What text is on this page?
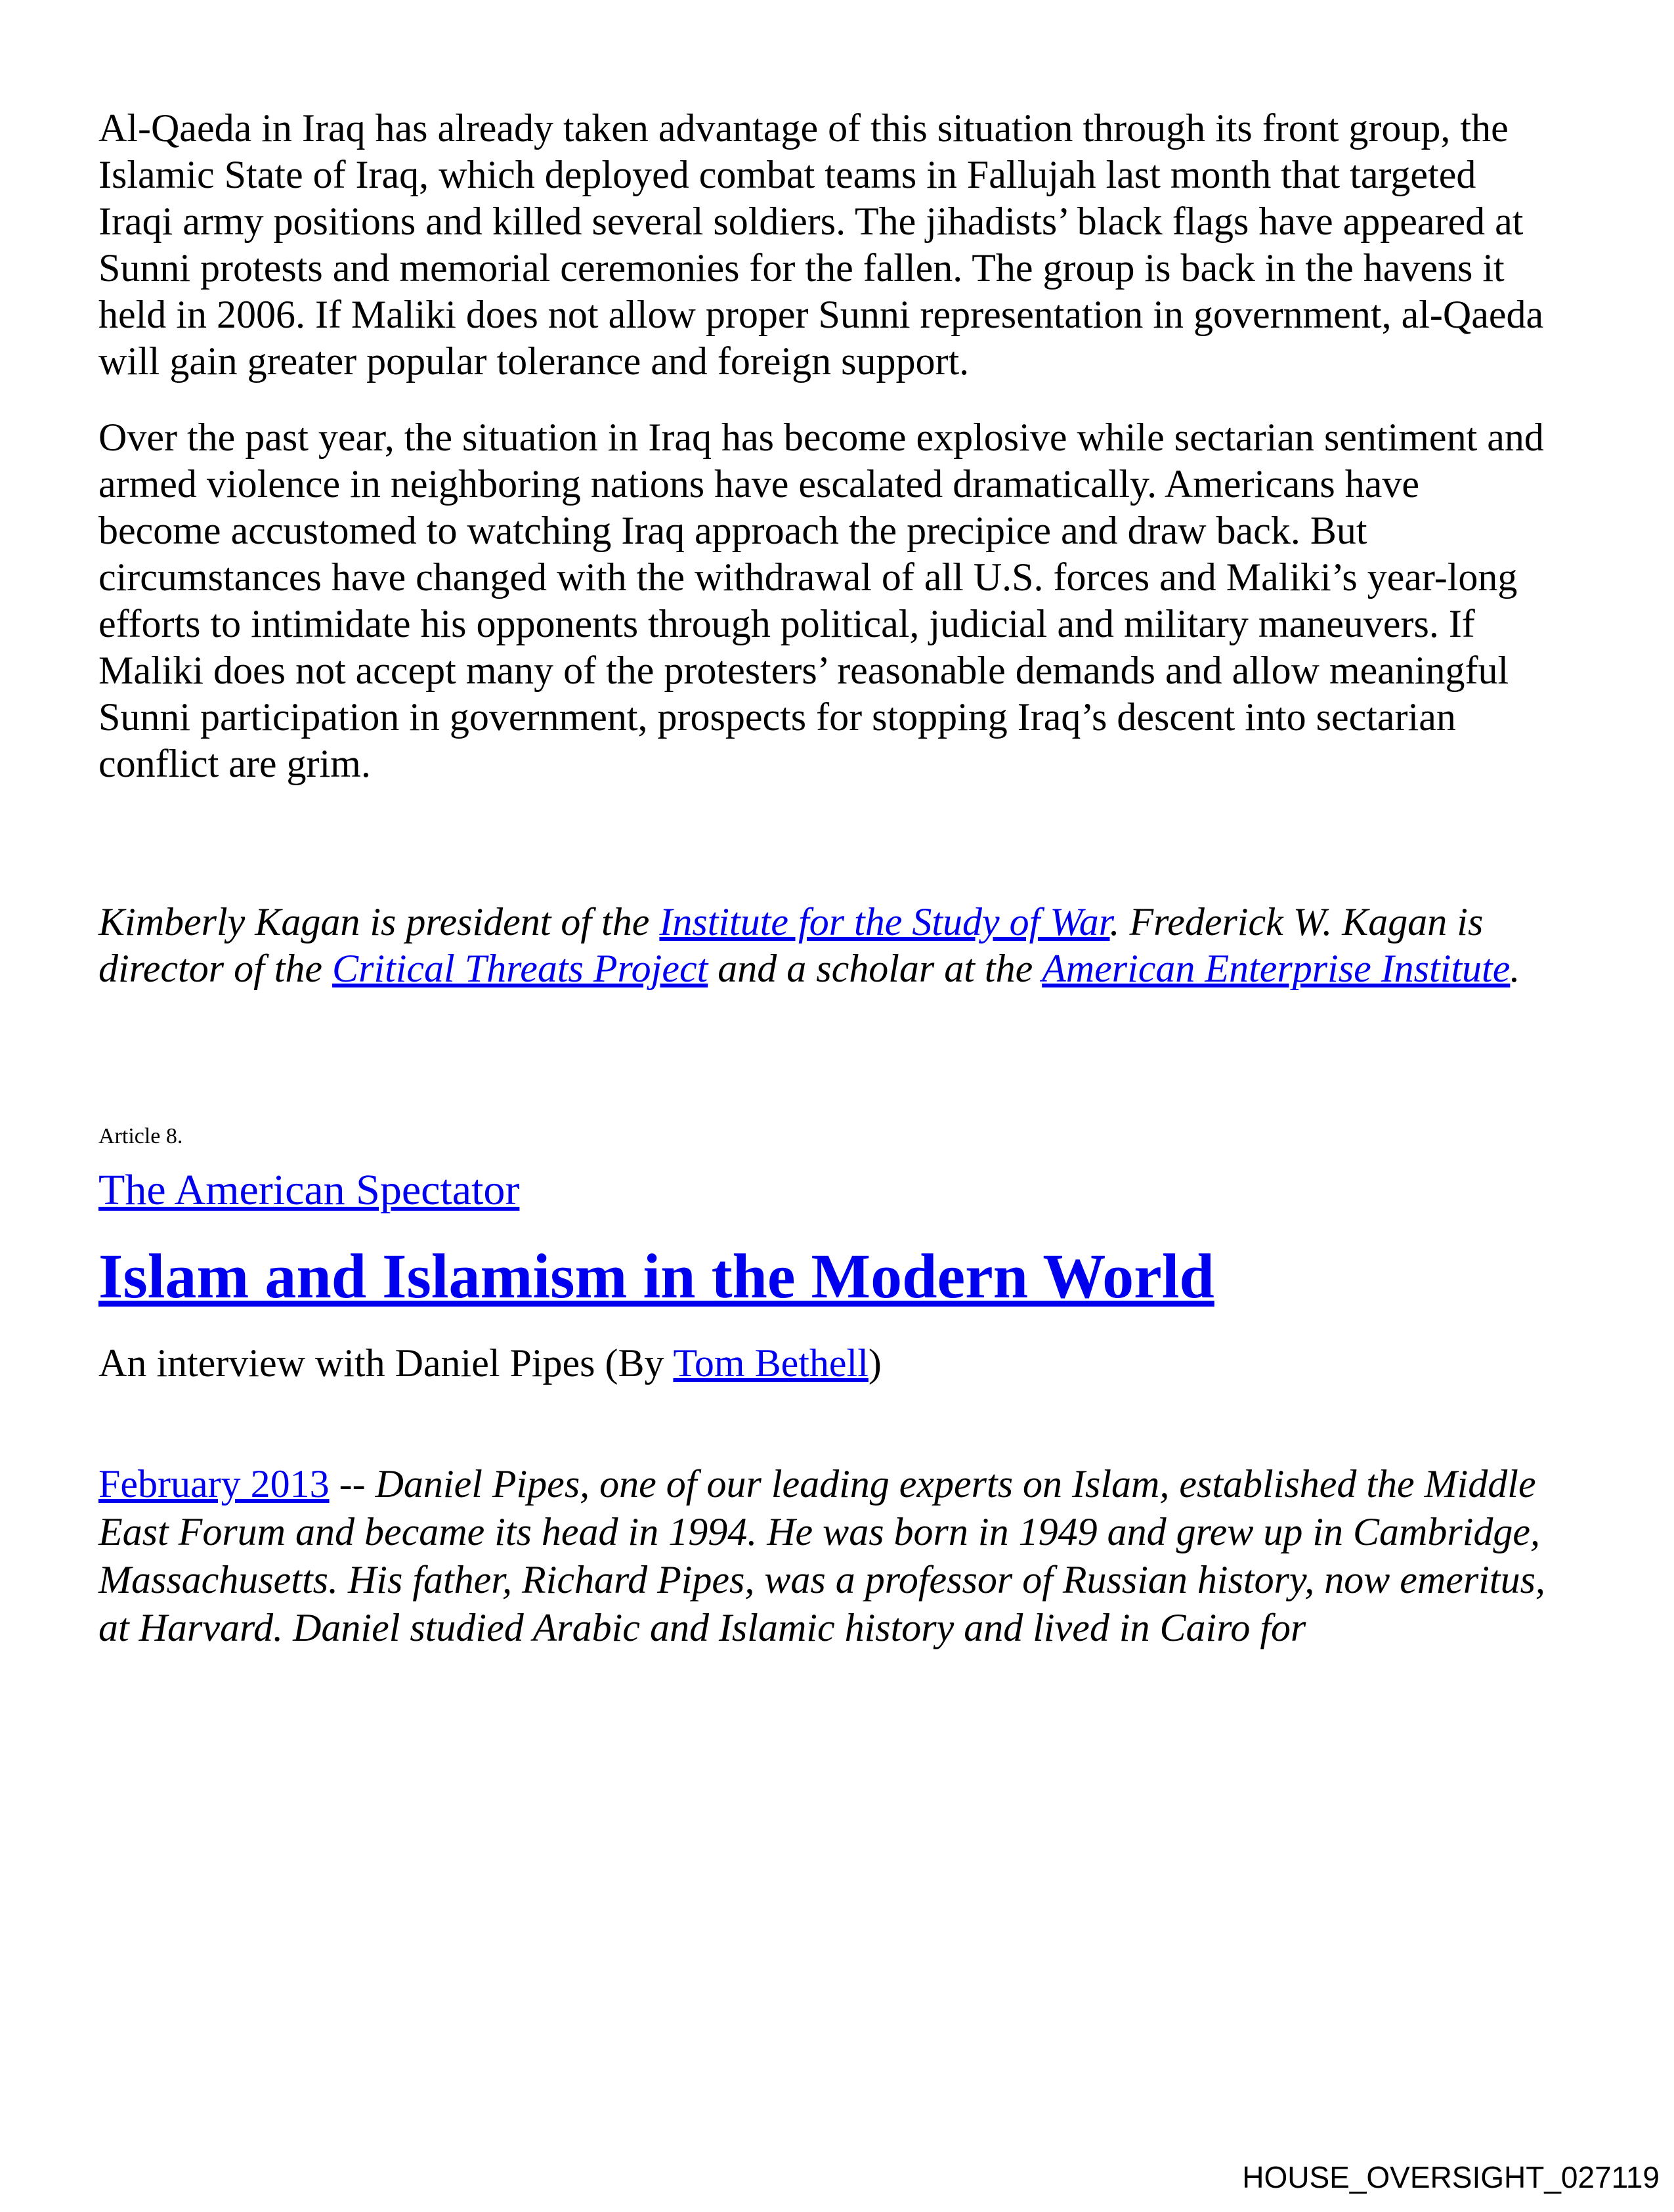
Al-Qaeda in Iraq has already taken advantage of this situation through its front group, the Islamic State of Iraq, which deployed combat teams in Fallujah last month that targeted Iraqi army positions and killed several soldiers. The jihadists’ black flags have appeared at Sunni protests and memorial ceremonies for the fallen. The group is back in the havens it held in 2006. If Maliki does not allow proper Sunni representation in government, al-Qaeda will gain greater popular tolerance and foreign support.

Over the past year, the situation in Iraq has become explosive while sectarian sentiment and armed violence in neighboring nations have escalated dramatically. Americans have become accustomed to watching Iraq approach the precipice and draw back. But circumstances have changed with the withdrawal of all U.S. forces and Maliki’s year-long efforts to intimidate his opponents through political, judicial and military maneuvers. If Maliki does not accept many of the protesters’ reasonable demands and allow meaningful Sunni participation in government, prospects for stopping Iraq’s descent into sectarian conflict are grim.

Kimberly Kagan is president of the Institute for the Study of War. Frederick W. Kagan is director of the Critical Threats Project and a scholar at the American Enterprise Institute.

Article 8.

The American Spectator

Islam and Islamism in the Modern World

An interview with Daniel Pipes (By Tom Bethell)

February 2013 -- Daniel Pipes, one of our leading experts on Islam, established the Middle East Forum and became its head in 1994. He was born in 1949 and grew up in Cambridge, Massachusetts. His father, Richard Pipes, was a professor of Russian history, now emeritus, at Harvard. Daniel studied Arabic and Islamic history and lived in Cairo for

HOUSE_OVERSIGHT_027119
